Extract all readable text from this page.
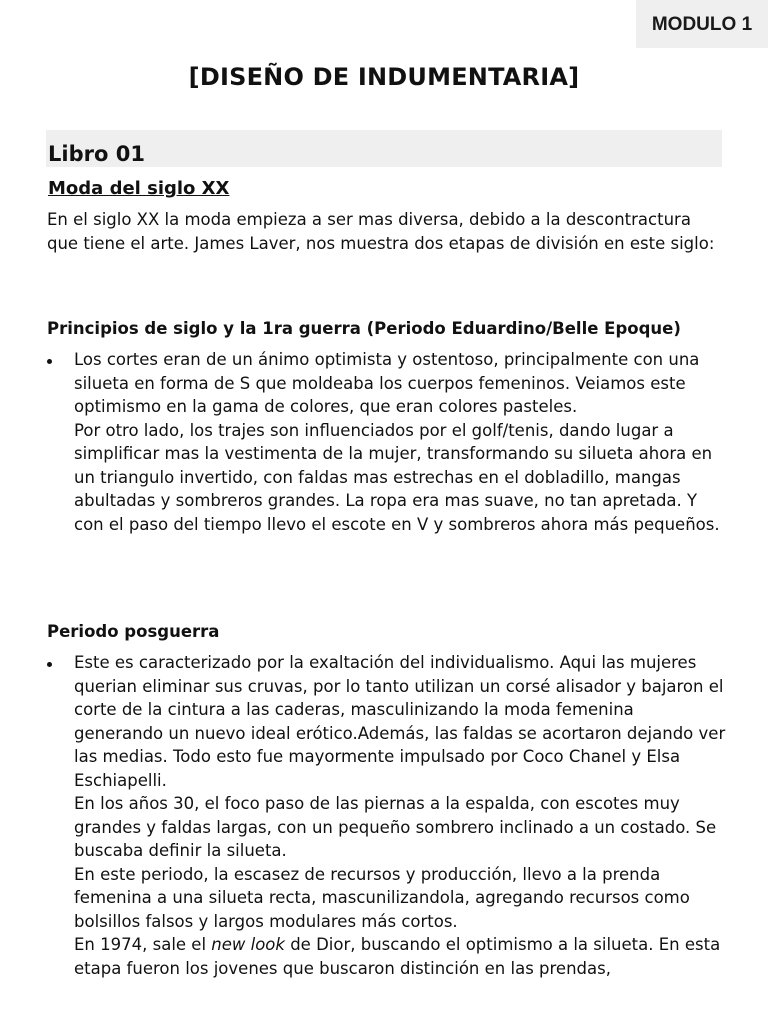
MODULO 1
[DISEÑO DE INDUMENTARIA]
Libro 01
Moda del siglo XX
En el siglo XX la moda empieza a ser mas diversa, debido a la descontractura que tiene el arte. James Laver, nos muestra dos etapas de división en este siglo:
Principios de siglo y la 1ra guerra (Periodo Eduardino/Belle Epoque)

Los cortes eran de un ánimo optimista y ostentoso, principalmente con una silueta en forma de S que moldeaba los cuerpos femeninos. Veiamos este optimismo en la gama de colores, que eran colores pasteles.

Por otro lado, los trajes son influenciados por el golf/tenis, dando lugar a simplificar mas la vestimenta de la mujer, transformando su silueta ahora en un triangulo invertido, con faldas mas estrechas en el dobladillo, mangas abultadas y sombreros grandes. La ropa era mas suave, no tan apretada. Y con el paso del tiempo llevo el escote en V y sombreros ahora más pequeños.

Periodo posguerra

Este es caracterizado por la exaltación del individualismo. Aqui las mujeres querian eliminar sus cruvas, por lo tanto utilizan un corsé alisador y bajaron el corte de la cintura a las caderas, masculinizando la moda femenina generando un nuevo ideal erótico.Además, las faldas se acortaron dejando ver las medias. Todo esto fue mayormente impulsado por Coco Chanel y Elsa Eschiapelli.

En los años 30, el foco paso de las piernas a la espalda, con escotes muy grandes y faldas largas, con un pequeño sombrero inclinado a un costado. Se buscaba definir la silueta.

En este periodo, la escasez de recursos y producción, llevo a la prenda femenina a una silueta recta, mascunilizandola, agregando recursos como bolsillos falsos y largos modulares más cortos.

En 1974, sale el new look de Dior, buscando el optimismo a la silueta. En esta etapa fueron los jovenes que buscaron distinción en las prendas,
